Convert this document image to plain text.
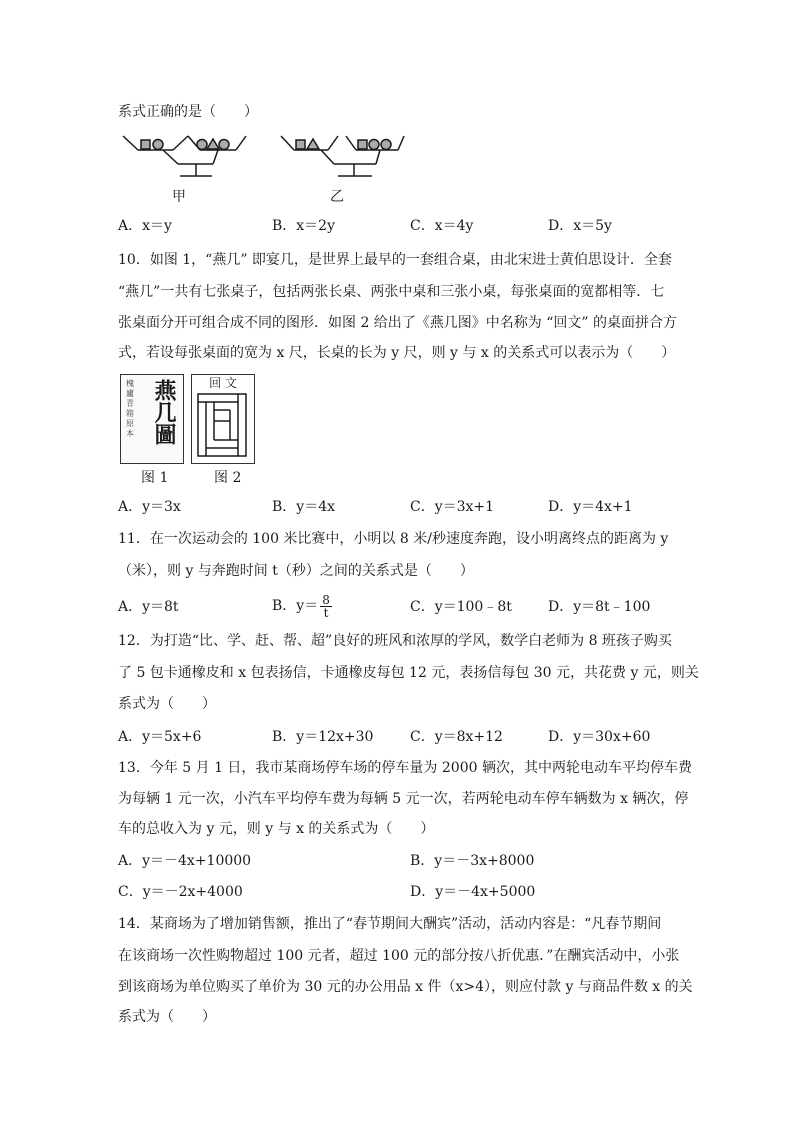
系式正确的是（　　）
甲	乙
A．x＝y	B．x＝2y	C．x＝4y	D．x＝5y
10．如图 1，“燕几” 即宴几，是世界上最早的一套组合桌，由北宋进士黄伯思设计．全套
“燕几”一共有七张桌子，包括两张长桌、两张中桌和三张小桌，每张桌面的宽都相等．七
张桌面分开可组合成不同的图形．如图 2 给出了《燕几图》中名称为 “回文” 的桌面拼合方
式，若设每张桌面的宽为 x 尺，长桌的长为 y 尺，则 y 与 x 的关系式可以表示为（　　）
槐
廬
青
箱
原
本 燕几圖	回 文
图 1	图 2
A．y＝3x	B．y＝4x	C．y＝3x+1	D．y＝4x+1
11．在一次运动会的 100 米比赛中，小明以 8 米/秒速度奔跑，设小明离终点的距离为 y
（米），则 y 与奔跑时间 t（秒）之间的关系式是（　　）
A．y＝8t	B．$y= \frac{8}{t}$	C．y＝100﹣8t	D．y＝8t﹣100
12．为打造“比、学、赶、帮、超”良好的班风和浓厚的学风，数学白老师为 8 班孩子购买
了 5 包卡通橡皮和 x 包表扬信，卡通橡皮每包 12 元，表扬信每包 30 元，共花费 y 元，则关
系式为（　　）
A．y＝5x+6	B．y＝12x+30	C．y＝8x+12	D．y＝30x+60
13．今年 5 月 1 日，我市某商场停车场的停车量为 2000 辆次，其中两轮电动车平均停车费
为每辆 1 元一次，小汽车平均停车费为每辆 5 元一次，若两轮电动车停车辆数为 x 辆次，停
车的总收入为 y 元，则 y 与 x 的关系式为（　　）
A．y＝－4x+10000	B．y＝－3x+8000
C．y＝－2x+4000	D．y＝－4x+5000
14．某商场为了增加销售额，推出了“春节期间大酬宾”活动，活动内容是：“凡春节期间
在该商场一次性购物超过 100 元者，超过 100 元的部分按八折优惠．”在酬宾活动中，小张
到该商场为单位购买了单价为 30 元的办公用品 x 件（x>4），则应付款 y 与商品件数 x 的关
系式为（　　）
